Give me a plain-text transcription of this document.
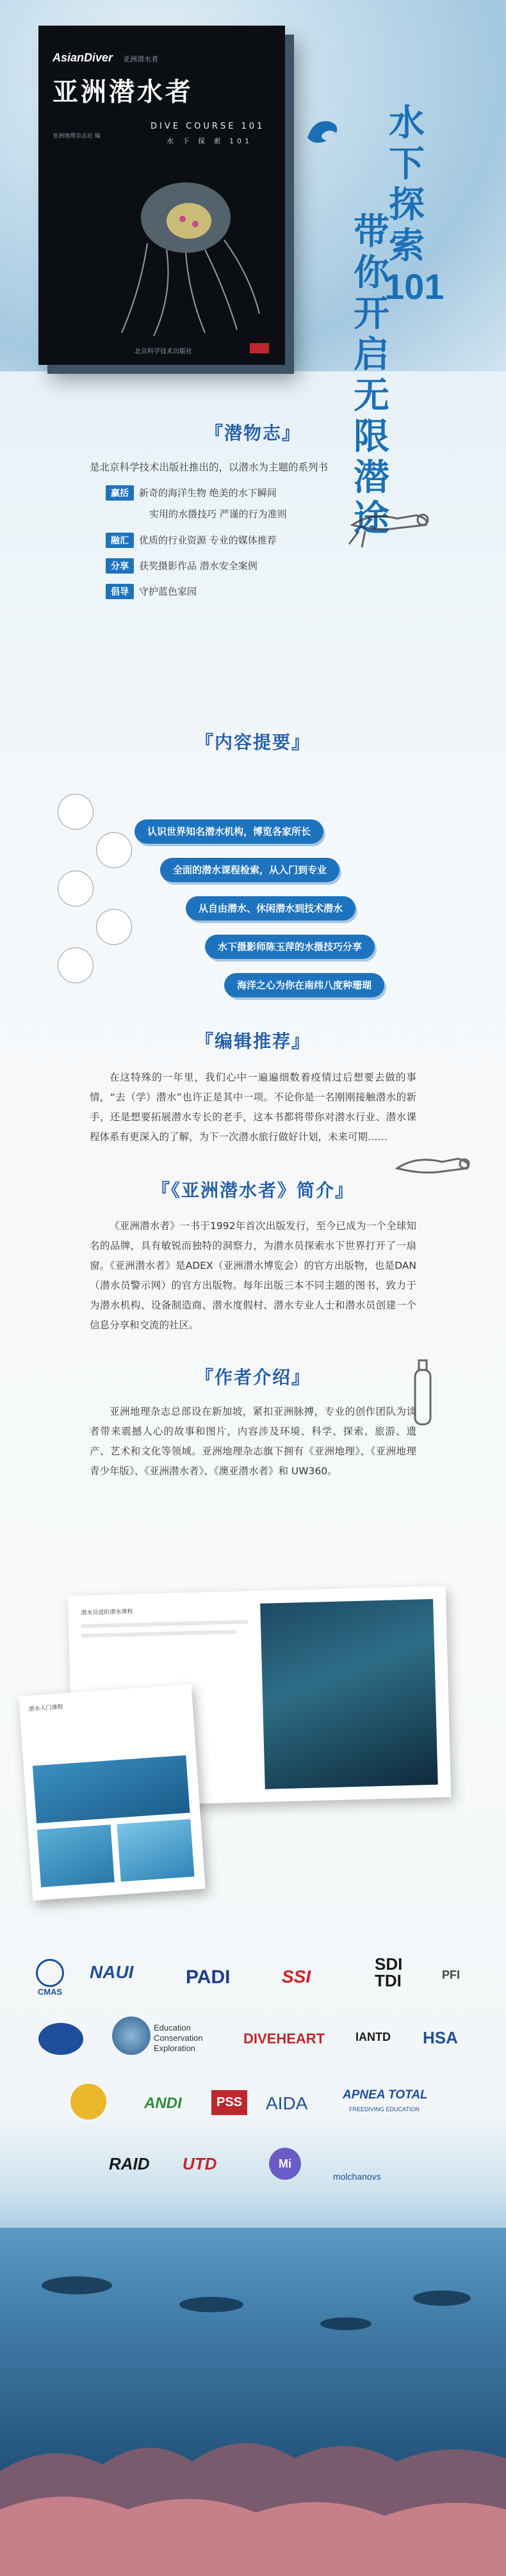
AsianDiver 亚洲潜水者
亚洲潜水者
亚洲地理杂志社 编
DIVE COURSE 101
水 下 探 索 101
北京科学技术出版社
水下探索101
带你开启无限潜途
『潜物志』
是北京科学技术出版社推出的，以潜水为主题的系列书
赢括 新奇的海洋生物 绝美的水下瞬间
实用的水摄技巧 严谨的行为准则
融汇 优质的行业资源 专业的媒体推荐
分享 获奖摄影作品 潜水安全案例
倡导 守护蓝色家园
『内容提要』
认识世界知名潜水机构，博览各家所长
全面的潜水课程检索，从入门到专业
从自由潜水、休闲潜水到技术潜水
水下摄影师陈玉萍的水摄技巧分享
海洋之心为你在南纬八度种珊瑚
『编辑推荐』
在这特殊的一年里，我们心中一遍遍细数着疫情过后想要去做的事情，“去（学）潜水”也许正是其中一项。不论你是一名刚刚接触潜水的新手，还是想要拓展潜水专长的老手，这本书都将带你对潜水行业、潜水课程体系有更深入的了解，为下一次潜水旅行做好计划，未来可期……
『《亚洲潜水者》简介』
《亚洲潜水者》一书于1992年首次出版发行，至今已成为一个全球知名的品牌，具有敏锐而独特的洞察力，为潜水员探索水下世界打开了一扇窗。《亚洲潜水者》是ADEX（亚洲潜水博览会）的官方出版物，也是DAN（潜水员警示网）的官方出版物。每年出版三本不同主题的图书，致力于为潜水机构、设备制造商、潜水度假村、潜水专业人士和潜水员创建一个信息分享和交流的社区。
『作者介绍』
亚洲地理杂志总部设在新加坡，紧扣亚洲脉搏，专业的创作团队为读者带来震撼人心的故事和图片，内容涉及环境、科学、探索、旅游、遗产、艺术和文化等领域。亚洲地理杂志旗下拥有《亚洲地理》、《亚洲地理青少年版》、《亚洲潜水者》、《澳亚潜水者》和 UW360。
潜水员进阶潜水课程
潜水入门课程
CMAS
NAUI	PADI	SSI
SDI TDI	PFI
Education Conservation Exploration
DIVEHEART	IANTD HSA
ANDI	PSS AIDA	APNEA TOTAL
FREEDIVING EDUCATION
RAID UTD	Mi
molchanovs
